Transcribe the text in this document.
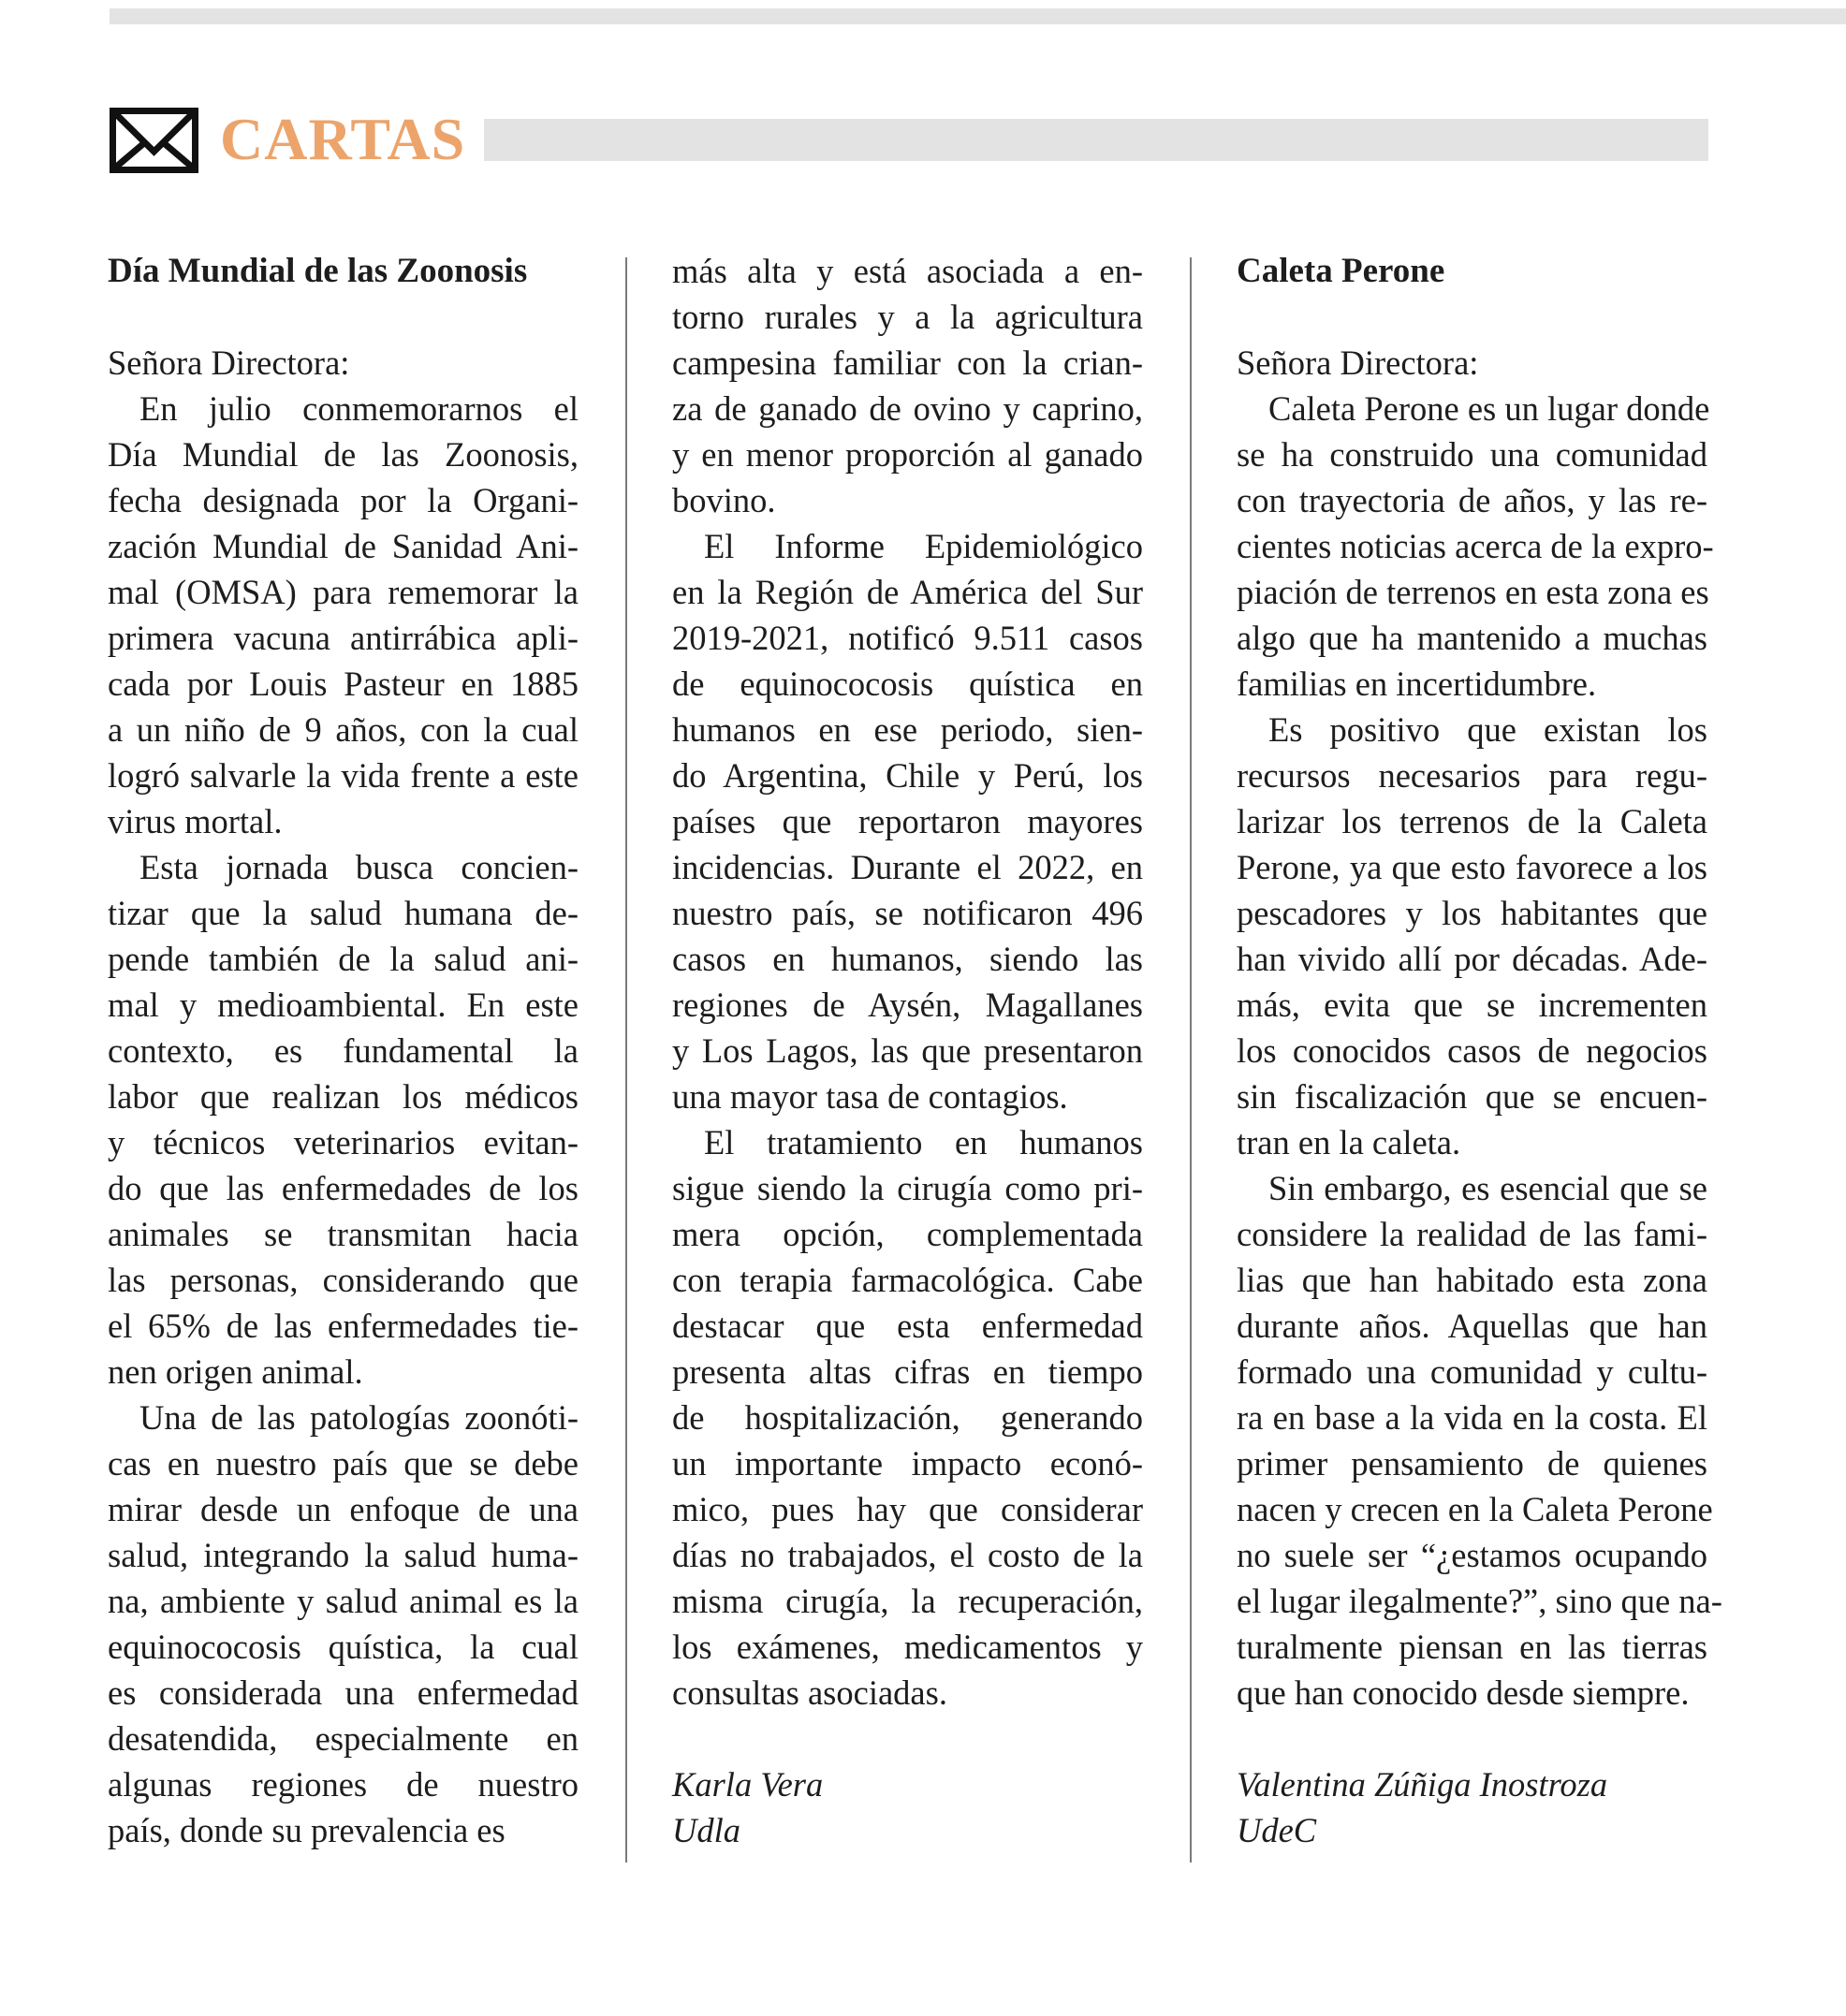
CARTAS
Día Mundial de las Zoonosis

Señora Directora:

En julio conmemorarnos el
Día Mundial de las Zoonosis,
fecha designada por la Organi-
zación Mundial de Sanidad Ani-
mal (OMSA) para rememorar la
primera vacuna antirrábica apli-
cada por Louis Pasteur en 1885
a un niño de 9 años, con la cual
logró salvarle la vida frente a este
virus mortal.

Esta jornada busca concien-
tizar que la salud humana de-
pende también de la salud ani-
mal y medioambiental. En este
contexto, es fundamental la
labor que realizan los médicos
y técnicos veterinarios evitan-
do que las enfermedades de los
animales se transmitan hacia
las personas, considerando que
el 65% de las enfermedades tie-
nen origen animal.

Una de las patologías zoonóti-
cas en nuestro país que se debe
mirar desde un enfoque de una
salud, integrando la salud huma-
na, ambiente y salud animal es la
equinococosis quística, la cual
es considerada una enfermedad
desatendida, especialmente en
algunas regiones de nuestro
país, donde su prevalencia es

más alta y está asociada a en-
torno rurales y a la agricultura
campesina familiar con la crian-
za de ganado de ovino y caprino,
y en menor proporción al ganado
bovino.

El Informe Epidemiológico
en la Región de América del Sur
2019-2021, notificó 9.511 casos
de equinococosis quística en
humanos en ese periodo, sien-
do Argentina, Chile y Perú, los
países que reportaron mayores
incidencias. Durante el 2022, en
nuestro país, se notificaron 496
casos en humanos, siendo las
regiones de Aysén, Magallanes
y Los Lagos, las que presentaron
una mayor tasa de contagios.

El tratamiento en humanos
sigue siendo la cirugía como pri-
mera opción, complementada
con terapia farmacológica. Cabe
destacar que esta enfermedad
presenta altas cifras en tiempo
de hospitalización, generando
un importante impacto econó-
mico, pues hay que considerar
días no trabajados, el costo de la
misma cirugía, la recuperación,
los exámenes, medicamentos y
consultas asociadas.

Karla Vera

Udla

Caleta Perone

Señora Directora:

Caleta Perone es un lugar donde
se ha construido una comunidad
con trayectoria de años, y las re-
cientes noticias acerca de la expro-
piación de terrenos en esta zona es
algo que ha mantenido a muchas
familias en incertidumbre.

Es positivo que existan los
recursos necesarios para regu-
larizar los terrenos de la Caleta
Perone, ya que esto favorece a los
pescadores y los habitantes que
han vivido allí por décadas. Ade-
más, evita que se incrementen
los conocidos casos de negocios
sin fiscalización que se encuen-
tran en la caleta.

Sin embargo, es esencial que se
considere la realidad de las fami-
lias que han habitado esta zona
durante años. Aquellas que han
formado una comunidad y cultu-
ra en base a la vida en la costa. El
primer pensamiento de quienes
nacen y crecen en la Caleta Perone
no suele ser “¿estamos ocupando
el lugar ilegalmente?”, sino que na-
turalmente piensan en las tierras
que han conocido desde siempre.

Valentina Zúñiga Inostroza

UdeC
